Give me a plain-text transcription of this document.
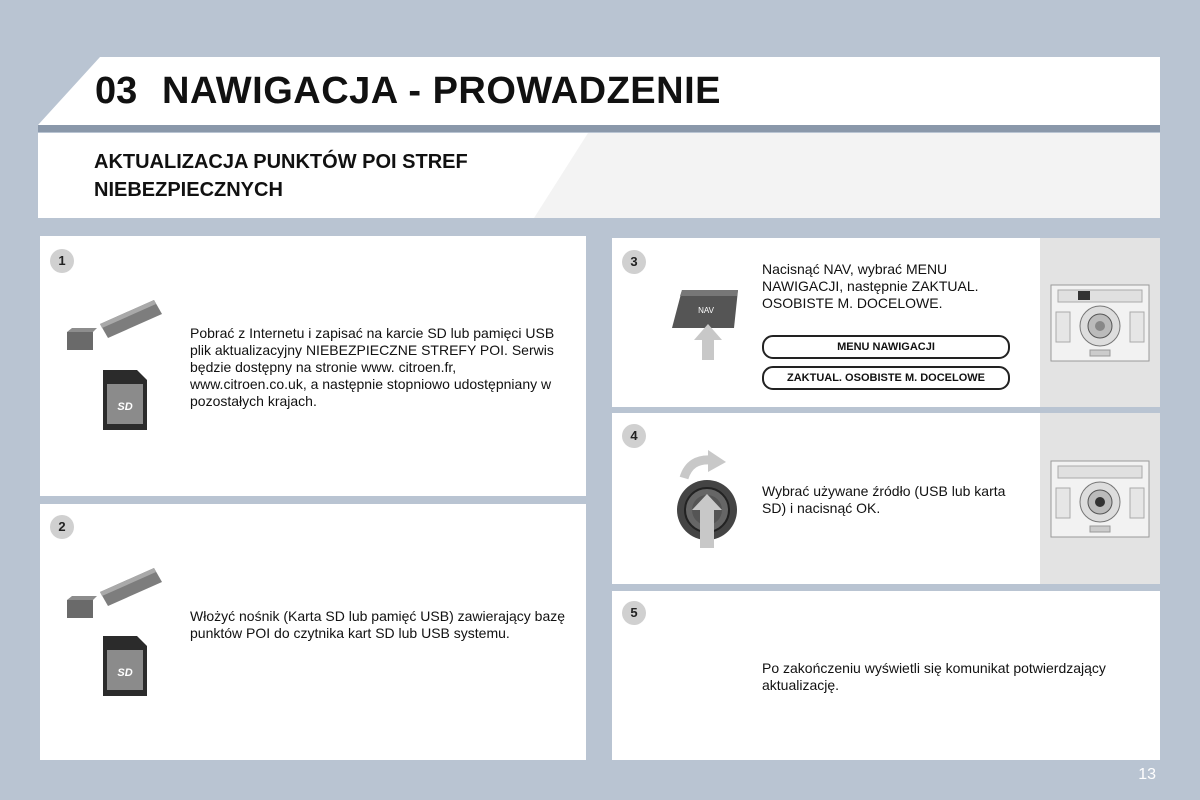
03 NAWIGACJA - PROWADZENIE
AKTUALIZACJA PUNKTÓW POI STREF NIEBEZPIECZNYCH
1
SD
Pobrać z Internetu i zapisać na karcie SD lub pamięci USB plik aktualizacyjny NIEBEZPIECZNE STREFY POI. Serwis będzie dostępny na stronie www. citroen.fr, www.citroen.co.uk, a następnie stopniowo udostępniany w pozostałych krajach.
2
SD
Włożyć nośnik (Karta SD lub pamięć USB) zawierający bazę punktów POI do czytnika kart SD lub USB systemu.
3
NAV
Nacisnąć NAV, wybrać MENU NAWIGACJI, następnie ZAKTUAL. OSOBISTE M. DOCELOWE.
MENU NAWIGACJI
ZAKTUAL. OSOBISTE M. DOCELOWE
4
Wybrać używane źródło (USB lub karta SD) i nacisnąć OK.
5
Po zakończeniu wyświetli się komunikat potwierdzający aktualizację.
13
